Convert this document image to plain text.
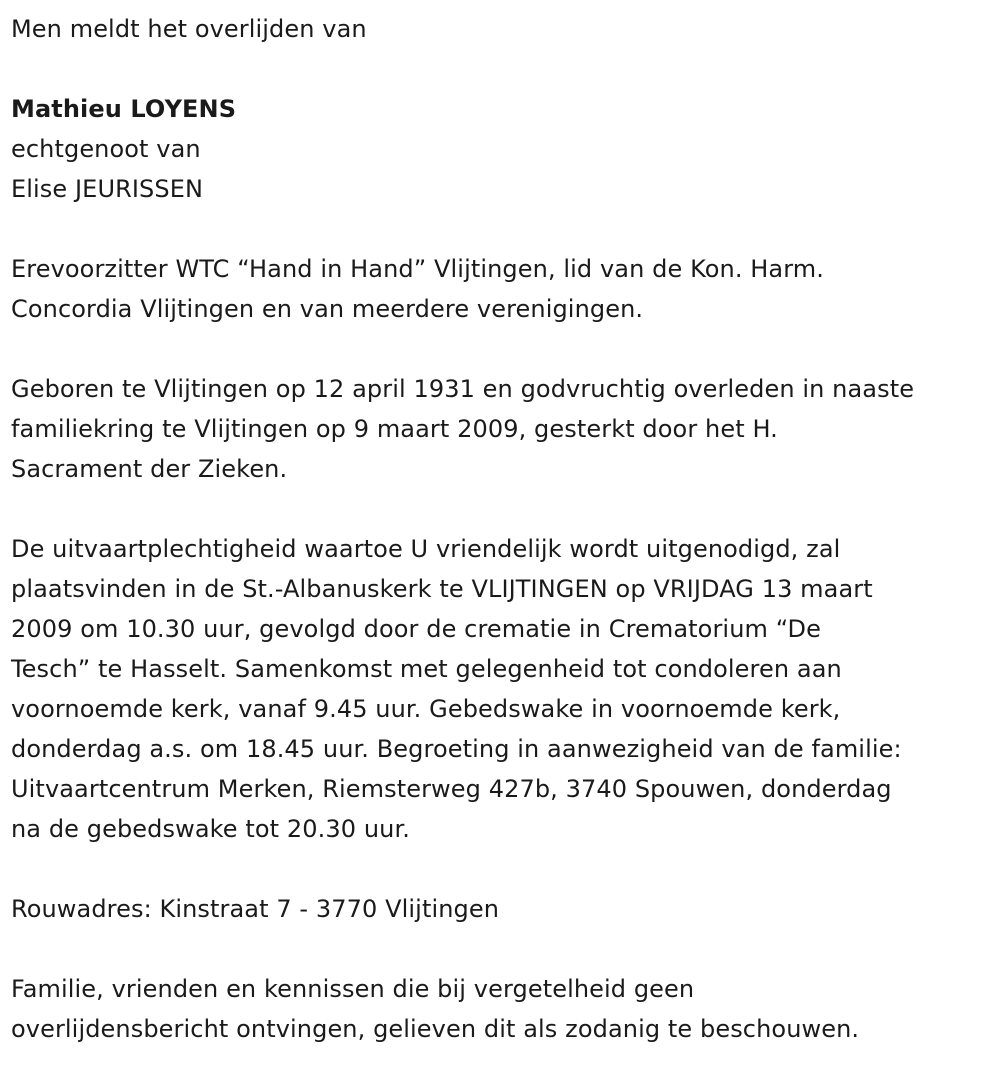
Men meldt het overlijden van

Mathieu LOYENS

echtgenoot van

Elise JEURISSEN

Erevoorzitter WTC “Hand in Hand” Vlijtingen, lid van de Kon. Harm.
Concordia Vlijtingen en van meerdere verenigingen.
Geboren te Vlijtingen op 12 april 1931 en godvruchtig overleden in naaste
familiekring te Vlijtingen op 9 maart 2009, gesterkt door het H.
Sacrament der Zieken.
De uitvaartplechtigheid waartoe U vriendelijk wordt uitgenodigd, zal
plaatsvinden in de St.-Albanuskerk te VLIJTINGEN op VRIJDAG 13 maart
2009 om 10.30 uur, gevolgd door de crematie in Crematorium “De
Tesch” te Hasselt. Samenkomst met gelegenheid tot condoleren aan
voornoemde kerk, vanaf 9.45 uur. Gebedswake in voornoemde kerk,
donderdag a.s. om 18.45 uur. Begroeting in aanwezigheid van de familie:
Uitvaartcentrum Merken, Riemsterweg 427b, 3740 Spouwen, donderdag
na de gebedswake tot 20.30 uur.

Rouwadres: Kinstraat 7 - 3770 Vlijtingen

Familie, vrienden en kennissen die bij vergetelheid geen
overlijdensbericht ontvingen, gelieven dit als zodanig te beschouwen.
